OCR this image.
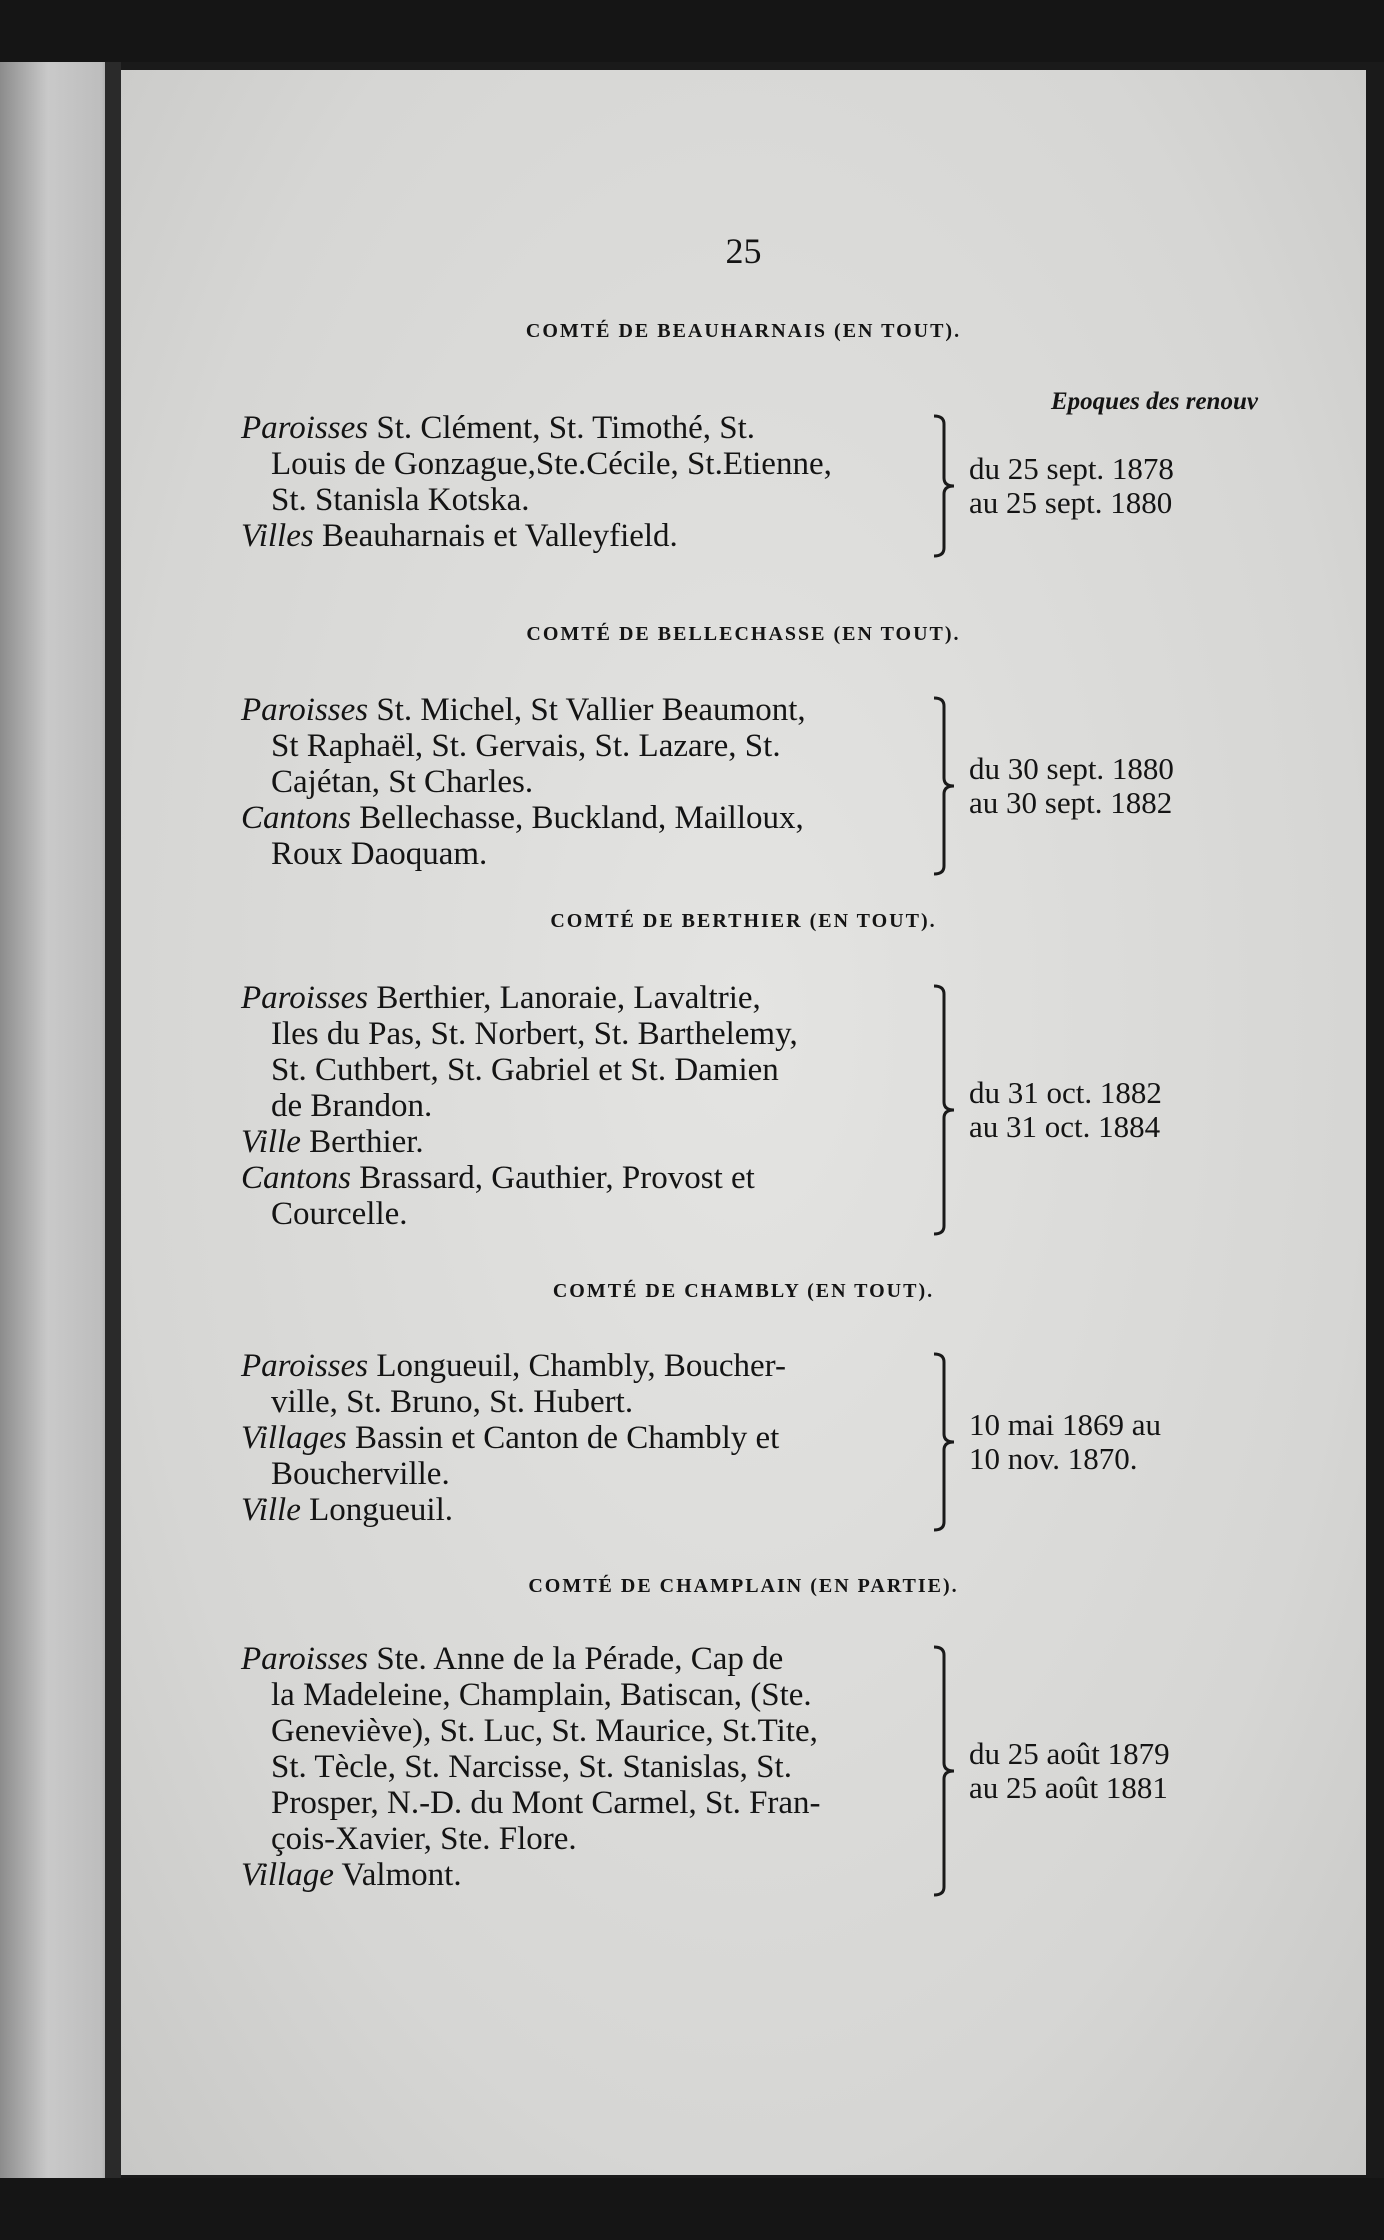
25
Epoques des renouv
COMTÉ DE BEAUHARNAIS (EN TOUT).
Paroisses St. Clément, St. Timothé, St.
Louis de Gonzague,Ste.Cécile, St.Etienne,
St. Stanisla Kotska.
Villes Beauharnais et Valleyfield.
du 25 sept. 1878
au 25 sept. 1880
COMTÉ DE BELLECHASSE (EN TOUT).
Paroisses St. Michel, St Vallier Beaumont,
St Raphaël, St. Gervais, St. Lazare, St.
Cajétan, St Charles.
Cantons Bellechasse, Buckland, Mailloux,
Roux Daoquam.
du 30 sept. 1880
au 30 sept. 1882
COMTÉ DE BERTHIER (EN TOUT).
Paroisses Berthier, Lanoraie, Lavaltrie,
Iles du Pas, St. Norbert, St. Barthelemy,
St. Cuthbert, St. Gabriel et St. Damien
de Brandon.
Ville Berthier.
Cantons Brassard, Gauthier, Provost et
Courcelle.
du 31 oct. 1882
au 31 oct. 1884
COMTÉ DE CHAMBLY (EN TOUT).
Paroisses Longueuil, Chambly, Boucher-
ville, St. Bruno, St. Hubert.
Villages Bassin et Canton de Chambly et
Boucherville.
Ville Longueuil.
10 mai 1869 au
10 nov. 1870.
COMTÉ DE CHAMPLAIN (EN PARTIE).
Paroisses Ste. Anne de la Pérade, Cap de
la Madeleine, Champlain, Batiscan, (Ste.
Geneviève), St. Luc, St. Maurice, St.Tite,
St. Tècle, St. Narcisse, St. Stanislas, St.
Prosper, N.-D. du Mont Carmel, St. Fran-
çois-Xavier, Ste. Flore.
Village Valmont.
du 25 août 1879
au 25 août 1881
